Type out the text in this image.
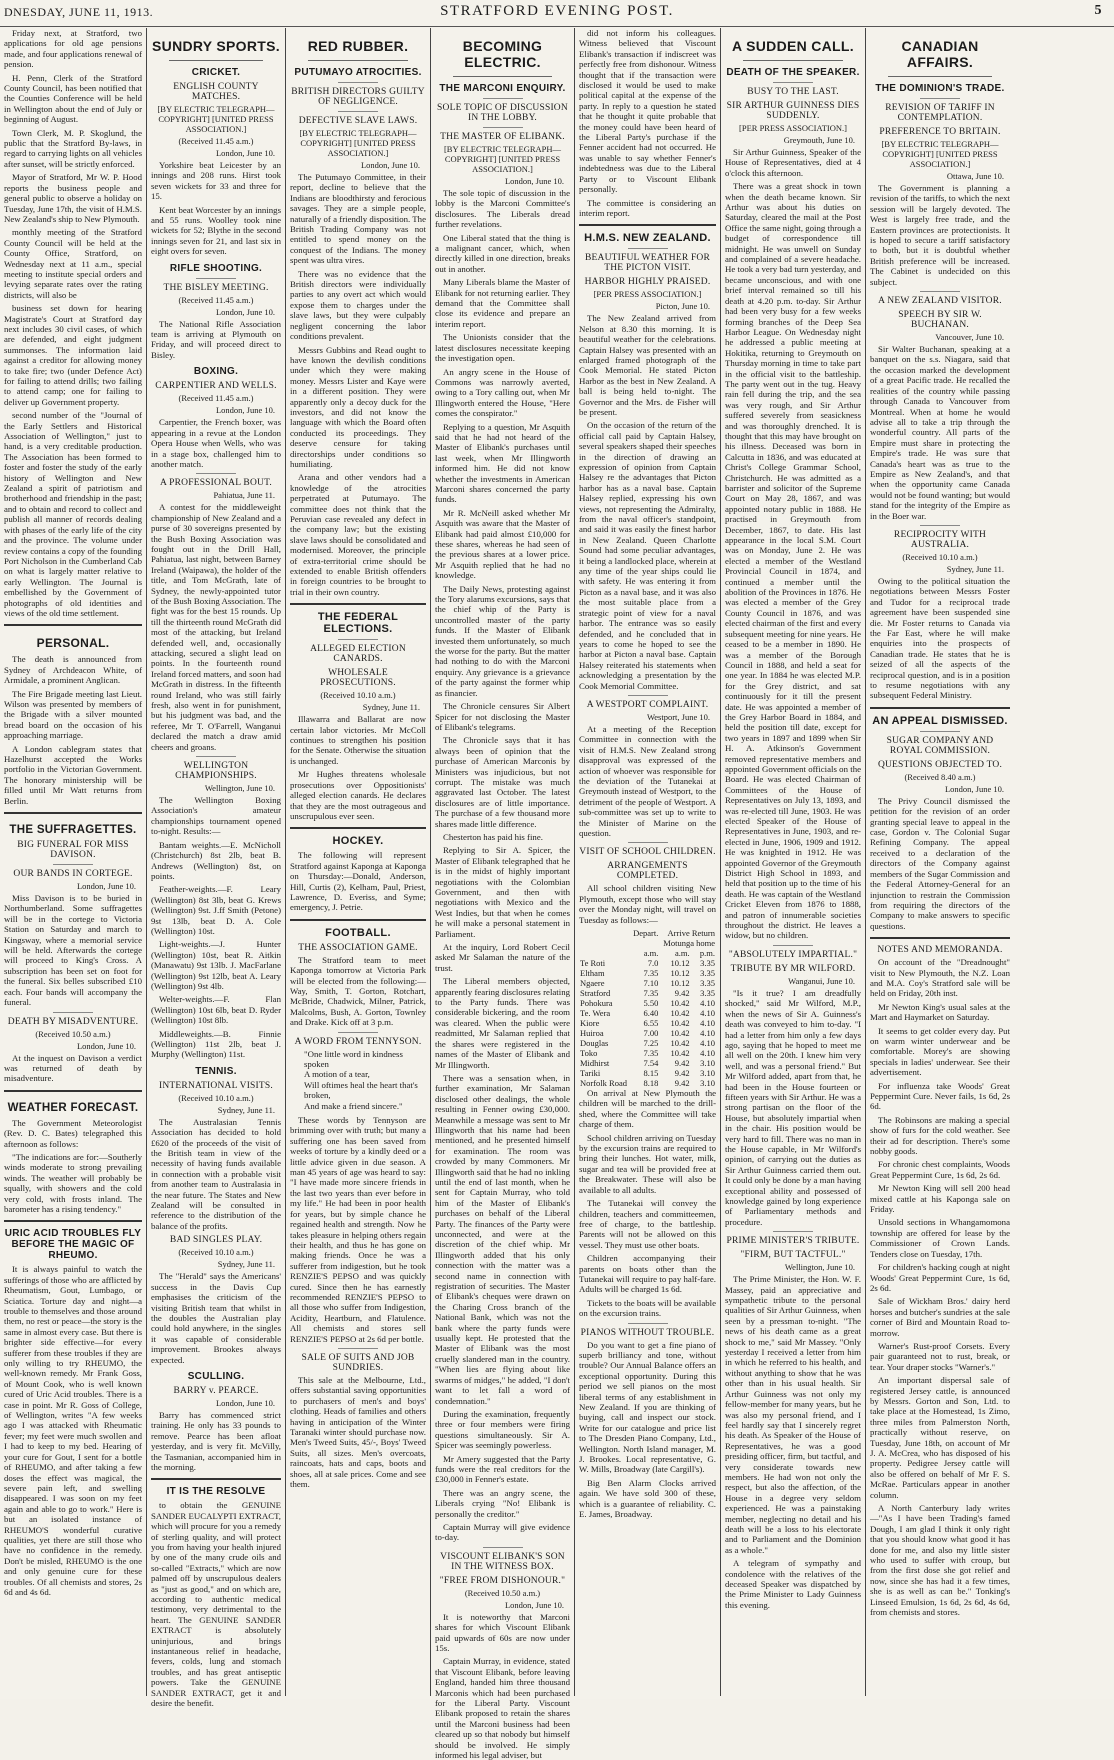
DNESDAY, JUNE 11, 1913.	STRATFORD EVENING POST.	5

Friday next, at Stratford, two applications for old age pensions made, and four applications renewal of pension.

H. Penn, Clerk of the Stratford County Council, has been notified that the Counties Conference will be held in Wellington about the end of July or beginning of August.

Town Clerk, M. P. Skoglund, the public that the Stratford By-laws, in regard to carrying lights on all vehicles after sunset, will be strictly enforced.

Mayor of Stratford, Mr W. P. Hood reports the business people and general public to observe a holiday on Tuesday, June 17th, the visit of H.M.S. New Zealand's ship to New Plymouth.

monthly meeting of the Stratford County Council will be held at the County Office, Stratford, on Wednesday next at 11 a.m., special meeting to institute special orders and levying separate rates over the rating districts, will also be

business set down for hearing Magistrate's Court at Stratford day next includes 30 civil cases, of which are defended, and eight judgment summonses. The information laid against a creditor for allowing money to take fire; two (under Defence Act) for failing to attend drills; two failing to attend camp; one for failing to deliver up Government property.

second number of the "Journal of the Early Settlers and Historical Association of Wellington," just to hand, is a very creditable production. The Association has been formed to foster and foster the study of the early history of Wellington and New Zealand a spirit of patriotism and brotherhood and friendship in the past; and to obtain and record to collect and publish all manner of records dealing with phases of the early life of the city and the province. The volume under review contains a copy of the founding Port Nicholson in the Cumberland Cab on what is largely matter relative to early Wellington. The Journal is embellished by the Government of photographs of old identities and views of the old time settlement.

PERSONAL.

The death is announced from Sydney of Archdeacon White, of Armidale, a prominent Anglican.

The Fire Brigade meeting last Lieut. Wilson was presented by members of the Brigade with a silver mounted bread board on the occasion of his approaching marriage.

A London cablegram states that Hazelhurst accepted the Works portfolio in the Victorian Government. The honorary ministership will be filled until Mr Watt returns from Berlin.

THE SUFFRAGETTES.
BIG FUNERAL FOR MISS DAVISON.
OUR BANDS IN CORTEGE.
London, June 10.

Miss Davison is to be buried in Northumberland. Some suffragettes will be in the cortege to Victoria Station on Saturday and march to Kingsway, where a memorial service will be held. Afterwards the cortege will proceed to King's Cross. A subscription has been set on foot for the funeral. Six belles subscribed £10 each. Four bands will accompany the funeral.

DEATH BY MISADVENTURE.
(Received 10.50 a.m.)
London, June 10.

At the inquest on Davison a verdict was returned of death by misadventure.

WEATHER FORECAST.

The Government Meteorologist (Rev. D. C. Bates) telegraphed this afternoon as follows:

"The indications are for:—Southerly winds moderate to strong prevailing winds. The weather will probably be squally, with showers and the cold very cold, with frosts inland. The barometer has a rising tendency."

URIC ACID TROUBLES FLY BEFORE THE MAGIC OF RHEUMO.

It is always painful to watch the sufferings of those who are afflicted by Rheumatism, Gout, Lumbago, or Sciatica. Torture day and night—a trouble to themselves and those around them, no rest or peace—the story is the same in almost every case. But there is brighter side effective—for every sufferer from these troubles if they are only willing to try RHEUMO, the well-known remedy. Mr Frank Goss, of Mount Cook, who is well known cured of Uric Acid troubles. There is a case in point. Mr R. Goss of College, of Wellington, writes "A few weeks ago I was attacked with Rheumatic fever; my feet were much swollen and I had to keep to my bed. Hearing of your cure for Gout, I sent for a bottle of RHEUMO, and after taking a few doses the effect was magical, the severe pain left, and swelling disappeared. I was soon on my feet again and able to go to work." Here is but an isolated instance of RHEUMO'S wonderful curative qualities, yet there are still those who have no confidence in the remedy. Don't be misled, RHEUMO is the one and only genuine cure for these troubles. Of all chemists and stores, 2s 6d and 4s 6d.

SUNDRY SPORTS.
CRICKET.
ENGLISH COUNTY MATCHES.
[BY ELECTRIC TELEGRAPH—COPYRIGHT] [UNITED PRESS ASSOCIATION.]
(Received 11.45 a.m.)
London, June 10.

Yorkshire beat Leicester by an innings and 208 runs. Hirst took seven wickets for 33 and three for 15.

Kent beat Worcester by an innings and 55 runs. Woolley took nine wickets for 52; Blythe in the second innings seven for 21, and last six in eight overs for seven.

RIFLE SHOOTING.
THE BISLEY MEETING.
(Received 11.45 a.m.)
London, June 10.

The National Rifle Association team is arriving at Plymouth on Friday, and will proceed direct to Bisley.

BOXING.
CARPENTIER AND WELLS.
(Received 11.45 a.m.)
London, June 10.

Carpentier, the French boxer, was appearing in a revue at the London Opera House when Wells, who was in a stage box, challenged him to another match.

A PROFESSIONAL BOUT.
Pahiatua, June 11.

A contest for the middleweight championship of New Zealand and a purse of 30 sovereigns presented by the Bush Boxing Association was fought out in the Drill Hall, Pahiatua, last night, between Barney Ireland (Waipawa), the holder of the title, and Tom McGrath, late of Sydney, the newly-appointed tutor of the Bush Boxing Association. The fight was for the best 15 rounds. Up till the thirteenth round McGrath did most of the attacking, but Ireland defended well, and, occasionally attacking, secured a slight lead on points. In the fourteenth round Ireland forced matters, and soon had McGrath in distress. In the fifteenth round Ireland, who was still fairly fresh, also went in for punishment, but his judgment was bad, and the referee, Mr T. O'Farrell, Wanganui declared the match a draw amid cheers and groans.

WELLINGTON CHAMPIONSHIPS.
Wellington, June 10.

The Wellington Boxing Association's amateur championships tournament opened to-night. Results:—

Bantam weights.—E. McNicholl (Christchurch) 8st 2lb, beat B. Andrews (Wellington) 8st, on points.

Feather-weights.—F. Leary (Wellington) 8st 3lb, beat G. Krews (Wellington) 9st. J.ff Smith (Petone) 9st 13lb, beat D. A. Cole (Wellington) 10st.

Light-weights.—J. Hunter (Wellington) 10st, beat R. Aitkin (Manawatu) 9st 13lb. J. MacFarlane (Wellington) 9st 12lb, beat A. Leary (Wellington) 9st 4lb.

Welter-weights.—F. Flan (Wellington) 10st 6lb, beat D. Ryder (Wellington) 10st 8lb.

Middleweights.—B. Finnie (Wellington) 11st 2lb, beat J. Murphy (Wellington) 11st.

TENNIS.
INTERNATIONAL VISITS.
(Received 10.10 a.m.)
Sydney, June 11.

The Australasian Tennis Association has decided to hold £620 of the proceeds of the visit of the British team in view of the necessity of having funds available in connection with a probable visit from another team to Australasia in the near future. The States and New Zealand will be consulted in reference to the distribution of the balance of the profits.

BAD SINGLES PLAY.
(Received 10.10 a.m.)
Sydney, June 11.

The "Herald" says the Americans' success in the Davis Cup emphasises the criticism of the visiting British team that whilst in the doubles the Australian play could hold anywhere, in the singles it was capable of considerable improvement. Brookes always expected.

SCULLING.
BARRY v. PEARCE.
London, June 10.

Barry has commenced strict training. He only has 33 pounds to remove. Pearce has been afloat yesterday, and is very fit. McVilly, the Tasmanian, accompanied him in the morning.

IT IS THE RESOLVE

to obtain the GENUINE SANDER EUCALYPTI EXTRACT, which will procure for you a remedy of sterling quality, and will protect you from having your health injured by one of the many crude oils and so-called "Extracts," which are now palmed off by unscrupulous dealers as "just as good," and on which are, according to authentic medical testimony, very detrimental to the heart. The GENUINE SANDER EXTRACT is absolutely uninjurious, and brings instantaneous relief in headache, fevers, colds, lung and stomach troubles, and has great antiseptic powers. Take the GENUINE SANDER EXTRACT, get it and desire the benefit.

RED RUBBER.
PUTUMAYO ATROCITIES.
BRITISH DIRECTORS GUILTY OF NEGLIGENCE.
DEFECTIVE SLAVE LAWS.
[BY ELECTRIC TELEGRAPH—COPYRIGHT] [UNITED PRESS ASSOCIATION.]
London, June 10.

The Putumayo Committee, in their report, decline to believe that the Indians are bloodthirsty and ferocious savages. They are a simple people, naturally of a friendly disposition. The British Trading Company was not entitled to spend money on the conquest of the Indians. The money spent was ultra vires.

There was no evidence that the British directors were individually parties to any overt act which would expose them to charges under the slave laws, but they were culpably negligent concerning the labor conditions prevalent.

Messrs Gubbins and Read ought to have known the devilish conditions under which they were making money. Messrs Lister and Kaye were in a different position. They were apparently only a decoy duck for the investors, and did not know the language with which the Board often conducted its proceedings. They deserve censure for taking directorships under conditions so humiliating.

Arana and other vendors had a knowledge of the atrocities perpetrated at Putumayo. The committee does not think that the Peruvian case revealed any defect in the company law; but the existing slave laws should be consolidated and modernised. Moreover, the principle of extra-territorial crime should be extended to enable British offenders in foreign countries to be brought to trial in their own country.

THE FEDERAL ELECTIONS.
ALLEGED ELECTION CANARDS.
WHOLESALE PROSECUTIONS.
(Received 10.10 a.m.)
Sydney, June 11.

Illawarra and Ballarat are now certain labor victories. Mr McColl continues to strengthen his position for the Senate. Otherwise the situation is unchanged.

Mr Hughes threatens wholesale prosecutions over Oppositionists' alleged election canards. He declares that they are the most outrageous and unscrupulous ever seen.

HOCKEY.

The following will represent Stratford against Kaponga at Kaponga on Thursday:—Donald, Anderson, Hill, Curtis (2), Kelham, Paul, Priest, Lawrence, D. Everiss, and Syme; emergency, J. Petrie.

FOOTBALL.
THE ASSOCIATION GAME.

The Stratford team to meet Kaponga tomorrow at Victoria Park will be elected from the following:—Way, Smith, T. Gorton, Rotchart, McBride, Chadwick, Milner, Patrick, Malcolms, Bush, A. Gorton, Townley and Drake. Kick off at 3 p.m.

A WORD FROM TENNYSON.
"One little word in kindness spoken
A motion of a tear,
Will oftimes heal the heart that's broken,
And make a friend sincere."

These words by Tennyson are brimming over with truth; but many a suffering one has been saved from weeks of torture by a kindly deed or a little advice given in due season. A man 45 years of age was heard to say: "I have made more sincere friends in the last two years than ever before in my life." He had been in poor health for years, but by simple chance he regained health and strength. Now he takes pleasure in helping others regain their health, and thus he has gone on making friends. Once he was a sufferer from indigestion, but he took RENZIE'S PEPSO and was quickly cured. Since then he has earnestly recommended RENZIE'S PEPSO to all those who suffer from Indigestion, Acidity, Heartburn, and Flatulence. All chemists and stores sell RENZIE'S PEPSO at 2s 6d per bottle.

SALE OF SUITS AND JOB SUNDRIES.

This sale at the Melbourne, Ltd., offers substantial saving opportunities to purchasers of men's and boys' clothing. Heads of families and others having in anticipation of the Winter Taranaki winter should purchase now. Men's Tweed Suits, 45/-, Boys' Tweed Suits, all sizes. Men's overcoats, raincoats, hats and caps, boots and shoes, all at sale prices. Come and see them.

BECOMING ELECTRIC.
THE MARCONI ENQUIRY.
SOLE TOPIC OF DISCUSSION IN THE LOBBY.
THE MASTER OF ELIBANK.
[BY ELECTRIC TELEGRAPH—COPYRIGHT] [UNITED PRESS ASSOCIATION.]
London, June 10.

The sole topic of discussion in the lobby is the Marconi Committee's disclosures. The Liberals dread further revelations.

One Liberal stated that the thing is a malignant cancer, which, when directly killed in one direction, breaks out in another.

Many Liberals blame the Master of Elibank for not returning earlier. They demand that the Committee shall close its evidence and prepare an interim report.

The Unionists consider that the latest disclosures necessitate keeping the investigation open.

An angry scene in the House of Commons was narrowly averted, owing to a Tory calling out, when Mr Illingworth entered the House, "Here comes the conspirator."

Replying to a question, Mr Asquith said that he had not heard of the Master of Elibank's purchases until last week, when Mr Illingworth informed him. He did not know whether the investments in American Marconi shares concerned the party funds.

Mr R. McNeill asked whether Mr Asquith was aware that the Master of Elibank had paid almost £10,000 for these shares, whereas he had seen of the previous shares at a lower price. Mr Asquith replied that he had no knowledge.

The Daily News, protesting against the Tory alarums excursions, says that the chief whip of the Party is uncontrolled master of the party funds. If the Master of Elibank invested them unfortunately, so much the worse for the party. But the matter had nothing to do with the Marconi enquiry. Any grievance is a grievance of the party against the former whip as financier.

The Chronicle censures Sir Albert Spicer for not disclosing the Master of Elibank's telegrams.

The Chronicle says that it has always been of opinion that the purchase of American Marconis by Ministers was injudicious, but not corrupt. The mistake was much aggravated last October. The latest disclosures are of little importance. The purchase of a few thousand more shares made little difference.

Chesterton has paid his fine.

Replying to Sir A. Spicer, the Master of Elibank telegraphed that he is in the midst of highly important negotiations with the Colombian Government, and then with negotiations with Mexico and the West Indies, but that when he comes he will make a personal statement in Parliament.

At the inquiry, Lord Robert Cecil asked Mr Salaman the nature of the trust.

The Liberal members objected, apparently fearing disclosures relating to the Party funds. There was considerable bickering, and the room was cleared. When the public were readmitted, Mr Salaman replied that the shares were registered in the names of the Master of Elibank and Mr Illingworth.

There was a sensation when, in further examination, Mr Salaman disclosed other dealings, the whole resulting in Fenner owing £30,000. Meanwhile a message was sent to Mr Illingworth that his name had been mentioned, and he presented himself for examination. The room was crowded by many Commoners. Mr Illingworth said that he had no inkling until the end of last month, when he sent for Captain Murray, who told him of the Master of Elibank's purchases on behalf of the Liberal Party. The finances of the Party were unconnected, and were at the discretion of the chief whip. Mr Illingworth added that his only connection with the matter was a second name in connection with registration of securities. The Master of Elibank's cheques were drawn on the Charing Cross branch of the National Bank, which was not the bank where the party funds were usually kept. He protested that the Master of Elibank was the most cruelly slandered man in the country. "When lies are flying about like swarms of midges," he added, "I don't want to let fall a word of condemnation."

During the examination, frequently three or four members were firing questions simultaneously. Sir A. Spicer was seemingly powerless.

Mr Amery suggested that the Party funds were the real creditors for the £30,000 in Fenner's estate.

There was an angry scene, the Liberals crying "No! Elibank is personally the creditor."

Captain Murray will give evidence to-day.

VISCOUNT ELIBANK'S SON IN THE WITNESS BOX.
"FREE FROM DISHONOUR."
(Received 10.50 a.m.)
London, June 10.

It is noteworthy that Marconi shares for which Viscount Elibank paid upwards of 60s are now under 15s.

Captain Murray, in evidence, stated that Viscount Elibank, before leaving England, handed him three thousand Marconis which had been purchased for the Liberal Party. Viscount Elibank proposed to retain the shares until the Marconi business had been cleared up so that nobody but himself should be involved. He simply informed his legal adviser, but

did not inform his colleagues. Witness believed that Viscount Elibank's transaction if indiscreet was perfectly free from dishonour. Witness thought that if the transaction were disclosed it would be used to make political capital at the expense of the party. In reply to a question he stated that he thought it quite probable that the money could have been heard of the Liberal Party's purchase if the Fenner accident had not occurred. He was unable to say whether Fenner's indebtedness was due to the Liberal Party or to Viscount Elibank personally.

The committee is considering an interim report.

H.M.S. NEW ZEALAND.
BEAUTIFUL WEATHER FOR THE PICTON VISIT.
HARBOR HIGHLY PRAISED.
[PER PRESS ASSOCIATION.]
Picton, June 10.

The New Zealand arrived from Nelson at 8.30 this morning. It is beautiful weather for the celebrations. Captain Halsey was presented with an enlarged framed photograph of the Cook Memorial. He stated Picton Harbor as the best in New Zealand. A ball is being held to-night. The Governor and the Mrs. de Fisher will be present.

On the occasion of the return of the official call paid by Captain Halsey, several speakers shaped their speeches in the direction of drawing an expression of opinion from Captain Halsey re the advantages that Picton harbor has as a naval base. Captain Halsey replied, expressing his own views, not representing the Admiralty, from the naval officer's standpoint, and said it was easily the finest harbor in New Zealand. Queen Charlotte Sound had some peculiar advantages, it being a landlocked place, wherein at any time of the year ships could lie with safety. He was entering it from Picton as a naval base, and it was also the most suitable place from a strategic point of view for a naval harbor. The entrance was so easily defended, and he concluded that in years to come he hoped to see the harbor at Picton a naval base. Captain Halsey reiterated his statements when acknowledging a presentation by the Cook Memorial Committee.

A WESTPORT COMPLAINT.
Westport, June 10.

At a meeting of the Reception Committee in connection with the visit of H.M.S. New Zealand strong disapproval was expressed of the action of whoever was responsible for the deviation of the Tutanekai at Greymouth instead of Westport, to the detriment of the people of Westport. A sub-committee was set up to write to the Minister of Marine on the question.

VISIT OF SCHOOL CHILDREN.
ARRANGEMENTS COMPLETED.

All school children visiting New Plymouth, except those who will stay over the Monday night, will travel on Tuesday as follows:—

	Depart.	Arrive Return	
		Motunga home	
	a.m.	a.m.	p.m.
Te Roti	7.0	10.12	3.35
Eltham	7.35	10.12	3.35
Ngaere	7.10	10.12	3.35
Stratford	7.35	9.42	3.35
Pohokura	5.50	10.42	4.10
Te. Wera	6.40	10.42	4.10
Kiore	6.55	10.42	4.10
Huiroa	7.00	10.42	4.10
Douglas	7.25	10.42	4.10
Toko	7.35	10.42	4.10
Midhirst	7.54	9.42	3.10
Tariki	8.15	9.42	3.10
Norfolk Road	8.18	9.42	3.10

On arrival at New Plymouth the children will be marched to the drill-shed, where the Committee will take charge of them.

School children arriving on Tuesday by the excursion trains are required to bring their lunches. Hot water, milk, sugar and tea will be provided free at the Breakwater. These will also be available to all adults.

The Tutanekai will convey the children, teachers and committeemen, free of charge, to the battleship. Parents will not be allowed on this vessel. They must use other boats.

Children accompanying their parents on boats other than the Tutanekai will require to pay half-fare. Adults will be charged 1s 6d.

Tickets to the boats will be available on the excursion trains.

PIANOS WITHOUT TROUBLE.

Do you want to get a fine piano of superb brilliancy and tone, without trouble? Our Annual Balance offers an exceptional opportunity. During this period we sell pianos on the most liberal terms of any establishment in New Zealand. If you are thinking of buying, call and inspect our stock. Write for our catalogue and price list to The Dresden Piano Company, Ltd., Wellington. North Island manager, M. J. Brookes. Local representative, G. W. Mills, Broadway (late Cargill's).

Big Ben Alarm Clocks arrived again. We have sold 300 of these, which is a guarantee of reliability. C. E. James, Broadway.

A SUDDEN CALL.
DEATH OF THE SPEAKER.
BUSY TO THE LAST.
SIR ARTHUR GUINNESS DIES SUDDENLY.
[PER PRESS ASSOCIATION.]
Greymouth, June 10.

Sir Arthur Guinness, Speaker of the House of Representatives, died at 4 o'clock this afternoon.

There was a great shock in town when the death became known. Sir Arthur was about his duties on Saturday, cleared the mail at the Post Office the same night, going through a budget of correspondence till midnight. He was unwell on Sunday and complained of a severe headache. He took a very bad turn yesterday, and became unconscious, and with one brief interval remained so till his death at 4.20 p.m. to-day. Sir Arthur had been very busy for a few weeks forming branches of the Deep Sea Harbor League. On Wednesday night he addressed a public meeting at Hokitika, returning to Greymouth on Thursday morning in time to take part in the official visit to the battleship. The party went out in the tug. Heavy rain fell during the trip, and the sea was very rough, and Sir Arthur suffered severely from seasickness and was thoroughly drenched. It is thought that this may have brought on his illness. Deceased was born in Calcutta in 1836, and was educated at Christ's College Grammar School, Christchurch. He was admitted as a barrister and solicitor of the Supreme Court on May 28, 1867, and was appointed notary public in 1888. He practised in Greymouth from December, 1867, to date. His last appearance in the local S.M. Court was on Monday, June 2. He was elected a member of the Westland Provincial Council in 1874, and continued a member until the abolition of the Provinces in 1876. He was elected a member of the Grey County Council in 1876, and was elected chairman of the first and every subsequent meeting for nine years. He ceased to be a member in 1890. He was a member of the Borough Council in 1888, and held a seat for one year. In 1884 he was elected M.P. for the Grey district, and sat continuously for it till the present date. He was appointed a member of the Grey Harbor Board in 1884, and held the position till date, except for two years in 1897 and 1899 when Sir H. A. Atkinson's Government removed representative members and appointed Government officials on the Board. He was elected Chairman of Committees of the House of Representatives on July 13, 1893, and was re-elected till June, 1903. He was elected Speaker of the House of Representatives in June, 1903, and re-elected in June, 1906, 1909 and 1912. He was knighted in 1912. He was appointed Governor of the Greymouth District High School in 1893, and held that position up to the time of his death. He was captain of the Westland Cricket Eleven from 1876 to 1888, and patron of innumerable societies throughout the district. He leaves a widow, but no children.

"ABSOLUTELY IMPARTIAL."
TRIBUTE BY MR WILFORD.
Wanganui, June 10.

"Is it true? I am dreadfully shocked," said Mr Wilford, M.P., when the news of Sir A. Guinness's death was conveyed to him to-day. "I had a letter from him only a few days ago, saying that he hoped to meet me all well on the 20th. I knew him very well, and was a personal friend." But Mr Wilford added, apart from that, he had been in the House fourteen or fifteen years with Sir Arthur. He was a strong partisan on the floor of the House, but absolutely impartial when in the chair. His position would be very hard to fill. There was no man in the House capable, in Mr Wilford's opinion, of carrying out the duties as Sir Arthur Guinness carried them out. It could only be done by a man having exceptional ability and possessed of knowledge gained by long experience of Parliamentary methods and procedure.

PRIME MINISTER'S TRIBUTE.
"FIRM, BUT TACTFUL."
Wellington, June 10.

The Prime Minister, the Hon. W. F. Massey, paid an appreciative and sympathetic tribute to the personal qualities of Sir Arthur Guinness, when seen by a pressman to-night. "The news of his death came as a great shock to me," said Mr Massey. "Only yesterday I received a letter from him in which he referred to his health, and without anything to show that he was other than in his usual health. Sir Arthur Guinness was not only my fellow-member for many years, but he was also my personal friend, and I feel hardly say that I sincerely regret his death. As Speaker of the House of Representatives, he was a good presiding officer, firm, but tactful, and very considerate towards new members. He had won not only the respect, but also the affection, of the House in a degree very seldom experienced. He was a painstaking member, neglecting no detail and his death will be a loss to his electorate and to Parliament and the Dominion as a whole."

A telegram of sympathy and condolence with the relatives of the deceased Speaker was dispatched by the Prime Minister to Lady Guinness this evening.

CANADIAN AFFAIRS.
THE DOMINION'S TRADE.
REVISION OF TARIFF IN CONTEMPLATION.
PREFERENCE TO BRITAIN.
[BY ELECTRIC TELEGRAPH—COPYRIGHT] [UNITED PRESS ASSOCIATION.]
Ottawa, June 10.

The Government is planning a revision of the tariffs, to which the next session will be largely devoted. The West is largely free trade, and the Eastern provinces are protectionists. It is hoped to secure a tariff satisfactory to both, but it is doubtful whether British preference will be increased. The Cabinet is undecided on this subject.

A NEW ZEALAND VISITOR.
SPEECH BY SIR W. BUCHANAN.
Vancouver, June 10.

Sir Walter Buchanan, speaking at a banquet on the s.s. Niagara, said that the occasion marked the development of a great Pacific trade. He recalled the realities of the country while passing through Canada to Vancouver from Montreal. When at home he would advise all to take a trip through the wonderful country. All parts of the Empire must share in protecting the Empire's trade. He was sure that Canada's heart was as true to the Empire as New Zealand's, and that when the opportunity came Canada would not be found wanting; but would stand for the integrity of the Empire as in the Boer war.

RECIPROCITY WITH AUSTRALIA.
(Received 10.10 a.m.)
Sydney, June 11.

Owing to the political situation the negotiations between Messrs Foster and Tudor for a reciprocal trade agreement have been suspended sine die. Mr Foster returns to Canada via the Far East, where he will make enquiries into the prospects of Canadian trade. He states that he is seized of all the aspects of the reciprocal question, and is in a position to resume negotiations with any subsequent Federal Ministry.

AN APPEAL DISMISSED.
SUGAR COMPANY AND ROYAL COMMISSION.
QUESTIONS OBJECTED TO.
(Received 8.40 a.m.)
London, June 10.

The Privy Council dismissed the petition for the revision of an order granting special leave to appeal in the case, Gordon v. The Colonial Sugar Refining Company. The appeal received to a declaration of the directors of the Company against members of the Sugar Commission and the Federal Attorney-General for an injunction to restrain the Commission from requiring the directors of the Company to make answers to specific questions.

NOTES AND MEMORANDA.

On account of the "Dreadnought" visit to New Plymouth, the N.Z. Loan and M.A. Coy's Stratford sale will be held on Friday, 20th inst.

Mr Newton King's usual sales at the Mart and Haymarket on Saturday.

It seems to get colder every day. Put on warm winter underwear and be comfortable. Morey's are showing specials in ladies' underwear. See their advertisement.

For influenza take Woods' Great Peppermint Cure. Never fails, 1s 6d, 2s 6d.

The Robinsons are making a special show of furs for the cold weather. See their ad for description. There's some nobby goods.

For chronic chest complaints, Woods Great Peppermint Cure, 1s 6d, 2s 6d.

Mr Newton King will sell 200 head mixed cattle at his Kaponga sale on Friday.

Unsold sections in Whangamomona township are offered for lease by the Commissioner of Crown Lands. Tenders close on Tuesday, 17th.

For children's hacking cough at night Woods' Great Peppermint Cure, 1s 6d, 2s 6d.

Sale of Wickham Bros.' dairy herd horses and butcher's sundries at the sale corner of Bird and Mountain Road to-morrow.

Warner's Rust-proof Corsets. Every pair guaranteed not to rust, break, or tear. Your draper stocks "Warner's."

An important dispersal sale of registered Jersey cattle, is announced by Messrs. Gorton and Son, Ltd. to take place at the Homestead, 1s Zimo, three miles from Palmerston North, practically without reserve, on Tuesday, June 18th, on account of Mr J. A. McCrea, who has disposed of his property. Pedigree Jersey cattle will also be offered on behalf of Mr F. S. McRae. Particulars appear in another column.

A North Canterbury lady writes—"As I have been Trading's famed Dough, I am glad I think it only right that you should know what good it has done for me, and also my little sister who used to suffer with croup, but from the first dose she got relief and now, since she has had it a few times, she is as well as can be." Tonking's Linseed Emulsion, 1s 6d, 2s 6d, 4s 6d, from chemists and stores.
